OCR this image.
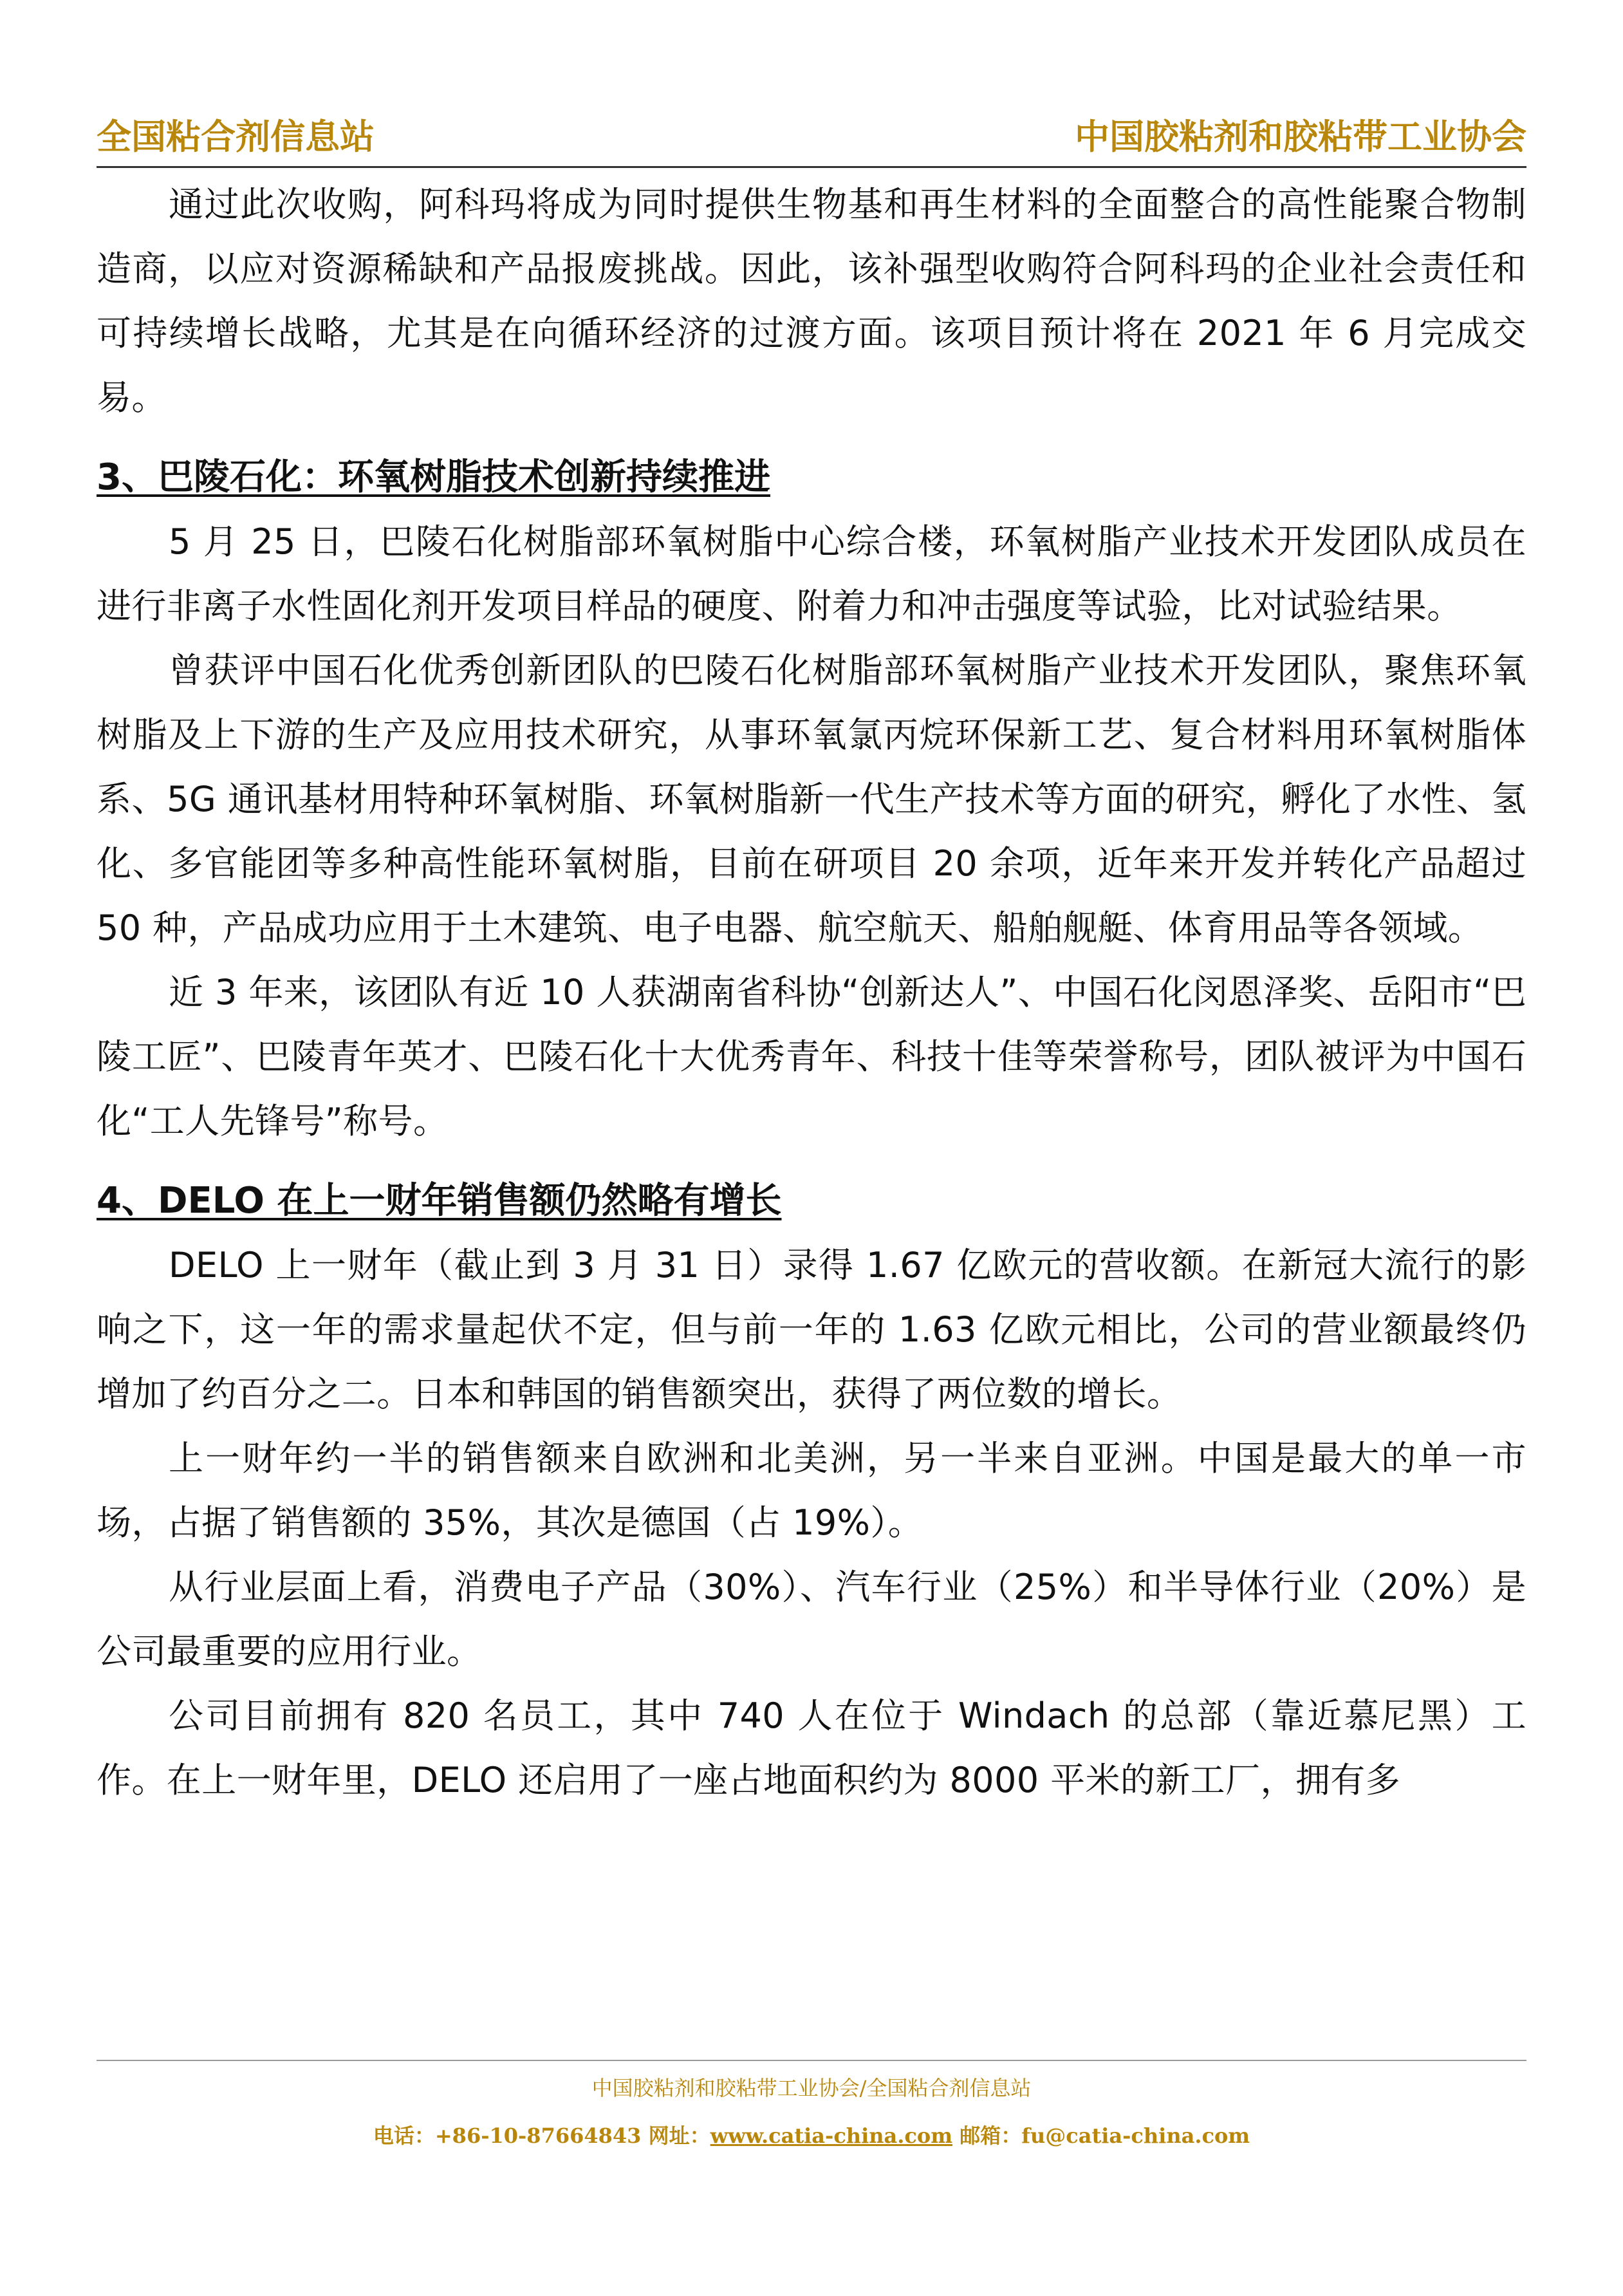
全国粘合剂信息站	中国胶粘剂和胶粘带工业协会

通过此次收购，阿科玛将成为同时提供生物基和再生材料的全面整合的高性能聚合物制造商，以应对资源稀缺和产品报废挑战。因此，该补强型收购符合阿科玛的企业社会责任和可持续增长战略，尤其是在向循环经济的过渡方面。该项目预计将在 2021 年 6 月完成交易。

3、巴陵石化：环氧树脂技术创新持续推进

5 月 25 日，巴陵石化树脂部环氧树脂中心综合楼，环氧树脂产业技术开发团队成员在进行非离子水性固化剂开发项目样品的硬度、附着力和冲击强度等试验，比对试验结果。

曾获评中国石化优秀创新团队的巴陵石化树脂部环氧树脂产业技术开发团队，聚焦环氧树脂及上下游的生产及应用技术研究，从事环氧氯丙烷环保新工艺、复合材料用环氧树脂体系、5G 通讯基材用特种环氧树脂、环氧树脂新一代生产技术等方面的研究，孵化了水性、氢化、多官能团等多种高性能环氧树脂，目前在研项目 20 余项，近年来开发并转化产品超过 50 种，产品成功应用于土木建筑、电子电器、航空航天、船舶舰艇、体育用品等各领域。

近 3 年来，该团队有近 10 人获湖南省科协“创新达人”、中国石化闵恩泽奖、岳阳市“巴陵工匠”、巴陵青年英才、巴陵石化十大优秀青年、科技十佳等荣誉称号，团队被评为中国石化“工人先锋号”称号。

4、DELO 在上一财年销售额仍然略有增长

DELO 上一财年（截止到 3 月 31 日）录得 1.67 亿欧元的营收额。在新冠大流行的影响之下，这一年的需求量起伏不定，但与前一年的 1.63 亿欧元相比，公司的营业额最终仍增加了约百分之二。日本和韩国的销售额突出，获得了两位数的增长。

上一财年约一半的销售额来自欧洲和北美洲，另一半来自亚洲。中国是最大的单一市场，占据了销售额的 35%，其次是德国（占 19%）。

从行业层面上看，消费电子产品（30%）、汽车行业（25%）和半导体行业（20%）是公司最重要的应用行业。

公司目前拥有 820 名员工，其中 740 人在位于 Windach 的总部（靠近慕尼黑）工作。在上一财年里，DELO 还启用了一座占地面积约为 8000 平米的新工厂，拥有多

中国胶粘剂和胶粘带工业协会/全国粘合剂信息站
电话：+86-10-87664843 网址：www.catia-china.com 邮箱：fu@catia-china.com
